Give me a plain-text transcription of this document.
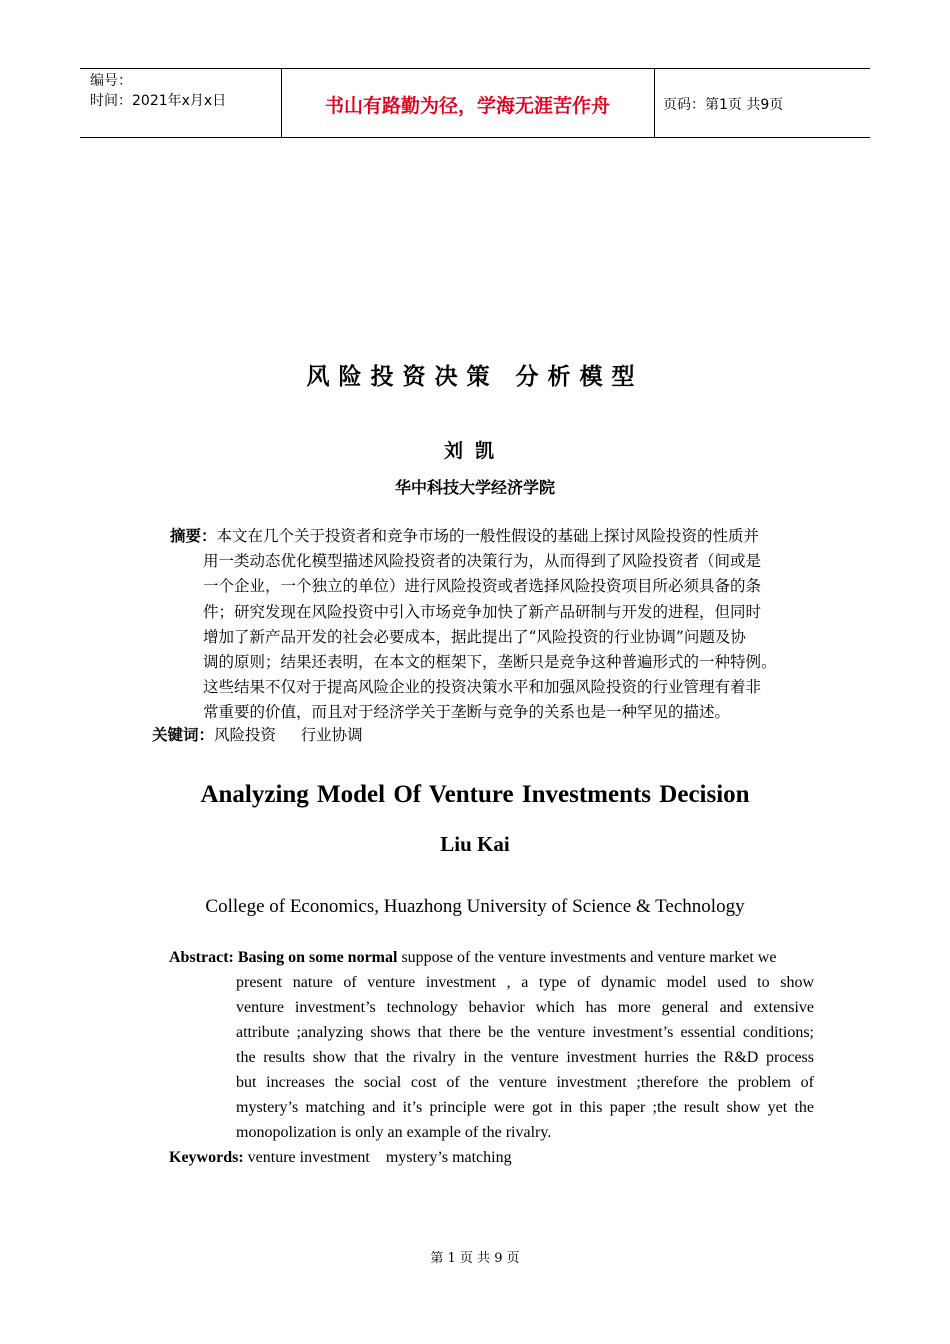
编号：
时间：2021年x月x日	书山有路勤为径，学海无涯苦作舟	页码：第1页 共9页
风险投资决策 分析模型
刘凯
华中科技大学经济学院
摘要：本文在几个关于投资者和竞争市场的一般性假设的基础上探讨风险投资的性质并
用一类动态优化模型描述风险投资者的决策行为，从而得到了风险投资者（间或是
一个企业，一个独立的单位）进行风险投资或者选择风险投资项目所必须具备的条
件；研究发现在风险投资中引入市场竞争加快了新产品研制与开发的进程，但同时
增加了新产品开发的社会必要成本，据此提出了“风险投资的行业协调”问题及协
调的原则；结果还表明，在本文的框架下，垄断只是竞争这种普遍形式的一种特例。
这些结果不仅对于提高风险企业的投资决策水平和加强风险投资的行业管理有着非
常重要的价值，而且对于经济学关于垄断与竞争的关系也是一种罕见的描述。
关键词：风险投资     行业协调
Analyzing Model Of Venture Investments Decision
Liu Kai
College of Economics, Huazhong University of Science & Technology
Abstract: Basing on some normal suppose of the venture investments and venture market we
present nature of venture investment , a type of dynamic model used to show
venture investment’s technology behavior which has more general and extensive
attribute ;analyzing shows that there be the venture investment’s essential conditions;
the results show that the rivalry in the venture investment hurries the R&D process
but increases the social cost of the venture investment ;therefore the problem of
mystery’s matching and it’s principle were got in this paper ;the result show yet the
monopolization is only an example of the rivalry.
Keywords: venture investment    mystery’s matching
第 1 页 共 9 页
